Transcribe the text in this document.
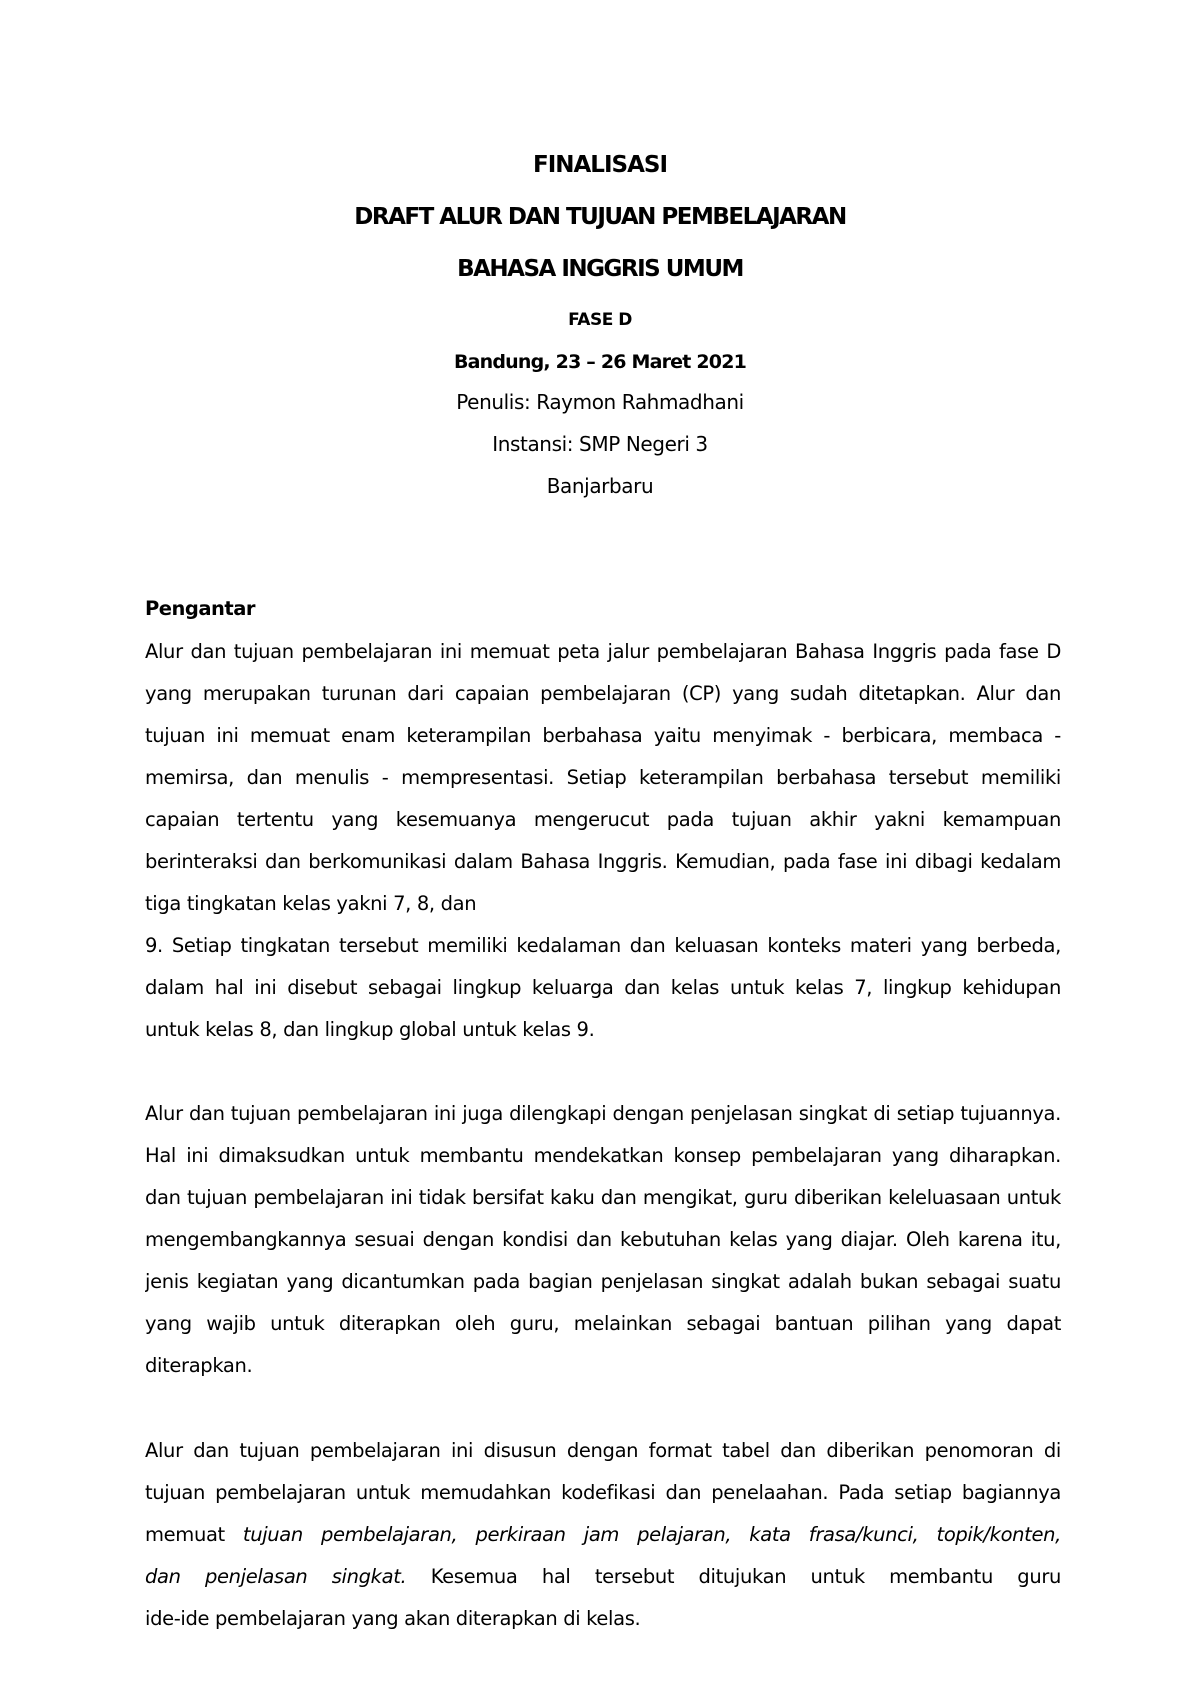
FINALISASI
DRAFT ALUR DAN TUJUAN PEMBELAJARAN
BAHASA INGGRIS UMUM
FASE D
Bandung, 23 – 26 Maret 2021
Penulis: Raymon Rahmadhani
Instansi: SMP Negeri 3
Banjarbaru
Pengantar
Alur dan tujuan pembelajaran ini memuat peta jalur pembelajaran Bahasa Inggris pada fase D
yang merupakan turunan dari capaian pembelajaran (CP) yang sudah ditetapkan. Alur dan
tujuan ini memuat enam keterampilan berbahasa yaitu menyimak - berbicara, membaca -
memirsa, dan menulis - mempresentasi. Setiap keterampilan berbahasa tersebut memiliki
capaian tertentu yang kesemuanya mengerucut pada tujuan akhir yakni kemampuan
berinteraksi dan berkomunikasi dalam Bahasa Inggris. Kemudian, pada fase ini dibagi kedalam
tiga tingkatan kelas yakni 7, 8, dan
9. Setiap tingkatan tersebut memiliki kedalaman dan keluasan konteks materi yang berbeda,
dalam hal ini disebut sebagai lingkup keluarga dan kelas untuk kelas 7, lingkup kehidupan
untuk kelas 8, dan lingkup global untuk kelas 9.
Alur dan tujuan pembelajaran ini juga dilengkapi dengan penjelasan singkat di setiap tujuannya.
Hal ini dimaksudkan untuk membantu mendekatkan konsep pembelajaran yang diharapkan.
dan tujuan pembelajaran ini tidak bersifat kaku dan mengikat, guru diberikan keleluasaan untuk
mengembangkannya sesuai dengan kondisi dan kebutuhan kelas yang diajar. Oleh karena itu,
jenis kegiatan yang dicantumkan pada bagian penjelasan singkat adalah bukan sebagai suatu
yang wajib untuk diterapkan oleh guru, melainkan sebagai bantuan pilihan yang dapat
diterapkan.
Alur dan tujuan pembelajaran ini disusun dengan format tabel dan diberikan penomoran di
tujuan pembelajaran untuk memudahkan kodefikasi dan penelaahan. Pada setiap bagiannya
memuat tujuan pembelajaran, perkiraan jam pelajaran, kata frasa/kunci, topik/konten,
dan penjelasan singkat. Kesemua hal tersebut ditujukan untuk membantu guru
ide-ide pembelajaran yang akan diterapkan di kelas.
